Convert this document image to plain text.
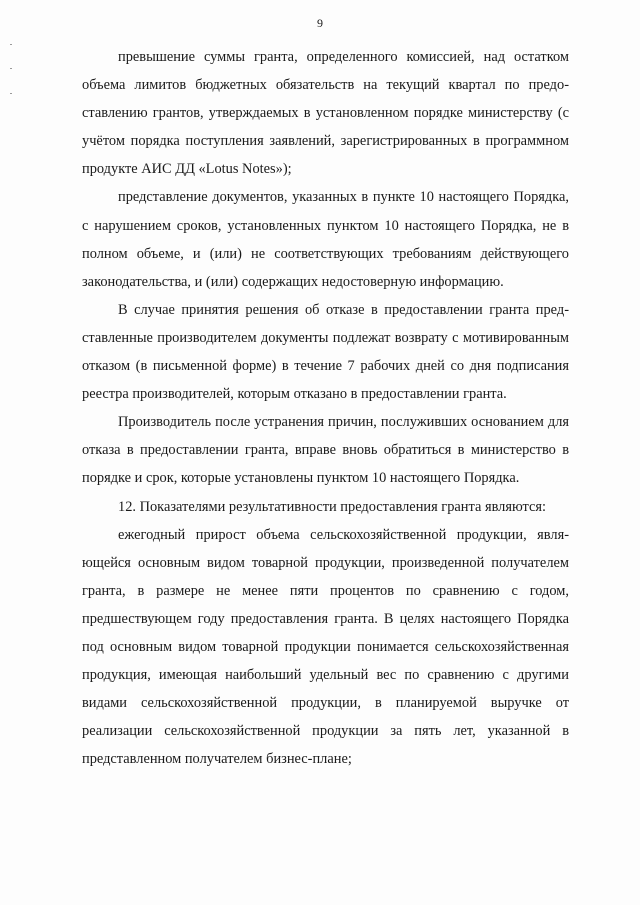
9

превышение суммы гранта, определенного комиссией, над остатком объема лимитов бюджетных обязательств на текущий квартал по предоставлению грантов, утверждаемых в установленном порядке министерству (с учётом порядка поступления заявлений, зарегистрированных в программном продукте АИС ДД «Lotus Notes»);

представление документов, указанных в пункте 10 настоящего Порядка, с нарушением сроков, установленных пунктом 10 настоящего Порядка, не в полном объеме, и (или) не соответствующих требованиям действующего законодательства, и (или) содержащих недостоверную информацию.

В случае принятия решения об отказе в предоставлении гранта представленные производителем документы подлежат возврату с мотивированным отказом (в письменной форме) в течение 7 рабочих дней со дня подписания реестра производителей, которым отказано в предоставлении гранта.

Производитель после устранения причин, послуживших основанием для отказа в предоставлении гранта, вправе вновь обратиться в министерство в порядке и срок, которые установлены пунктом 10 настоящего Порядка.

12. Показателями результативности предоставления гранта являются:

ежегодный прирост объема сельскохозяйственной продукции, являющейся основным видом товарной продукции, произведенной получателем гранта, в размере не менее пяти процентов по сравнению с годом, предшествующем году предоставления гранта. В целях настоящего Порядка под основным видом товарной продукции понимается сельскохозяйственная продукция, имеющая наибольший удельный вес по сравнению с другими видами сельскохозяйственной продукции, в планируемой выручке от реализации сельскохозяйственной продукции за пять лет, указанной в представленном получателем бизнес-плане;
